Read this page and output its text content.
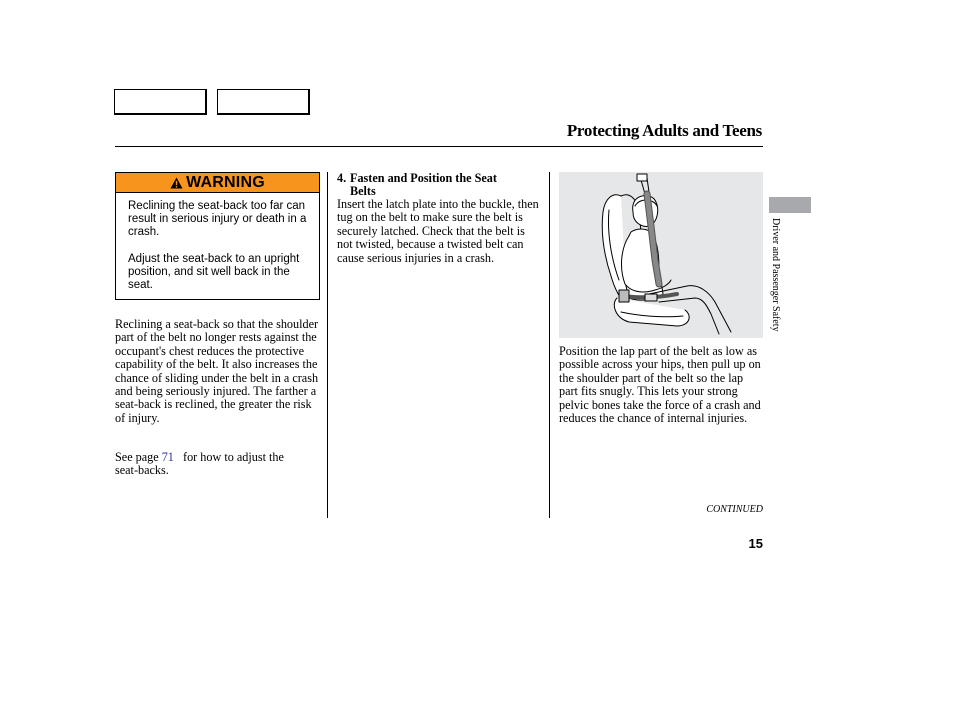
Protecting Adults and Teens
WARNING

Reclining the seat-back too far can result in serious injury or death in a crash.

Adjust the seat-back to an upright position, and sit well back in the seat.

Reclining a seat-back so that the shoulder part of the belt no longer rests against the occupant's chest reduces the protective capability of the belt. It also increases the chance of sliding under the belt in a crash and being seriously injured. The farther a seat-back is reclined, the greater the risk of injury.
See page 71 for how to adjust the
seat-backs.
4. Fasten and Position the Seat
Belts
Insert the latch plate into the buckle, then tug on the belt to make sure the belt is securely latched. Check that the belt is not twisted, because a twisted belt can cause serious injuries in a crash.
Position the lap part of the belt as low as possible across your hips, then pull up on the shoulder part of the belt so the lap part fits snugly. This lets your strong pelvic bones take the force of a crash and reduces the chance of internal injuries.
Driver and Passenger Safety
CONTINUED
15
